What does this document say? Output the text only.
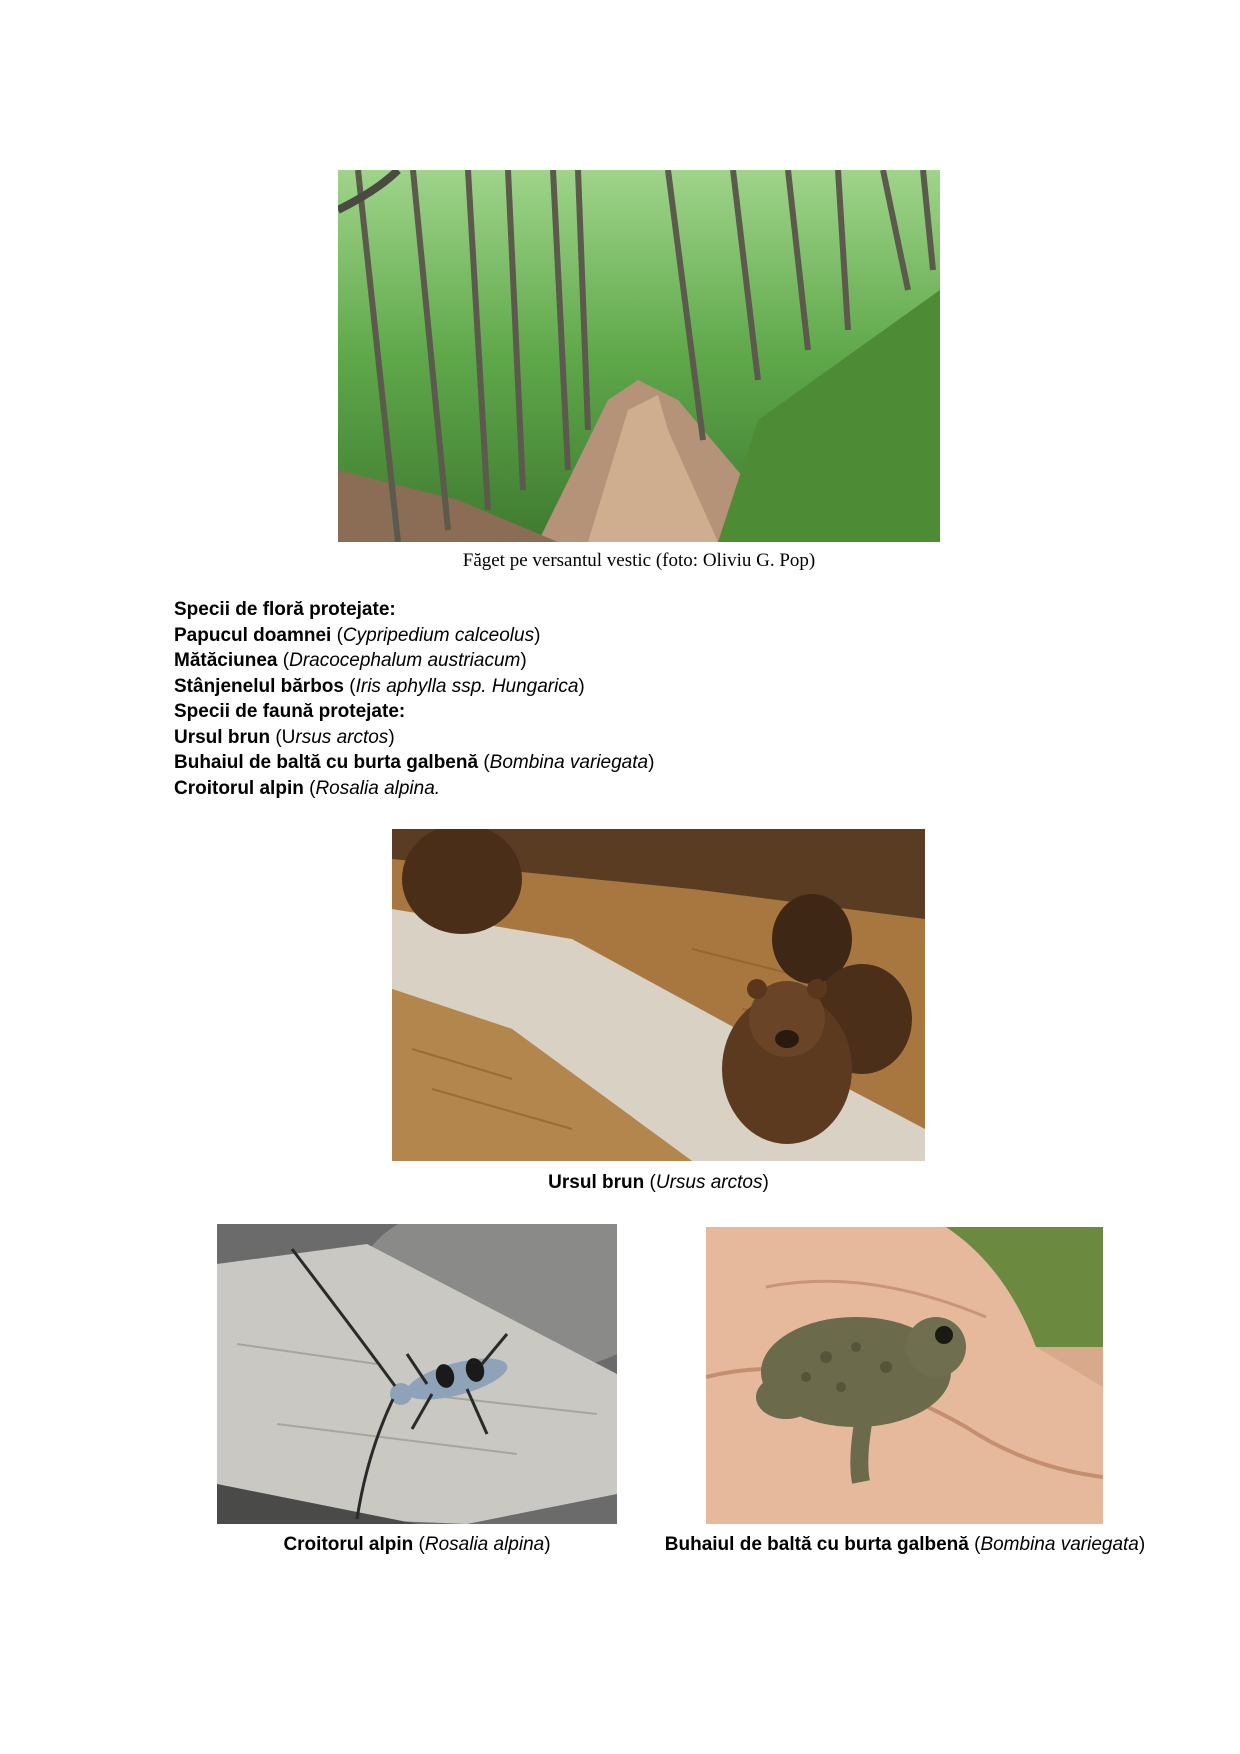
Făget pe versantul vestic (foto: Oliviu G. Pop)
Specii de floră protejate:
Papucul doamnei (Cypripedium calceolus)
Mătăciunea (Dracocephalum austriacum)
Stânjenelul bărbos (Iris aphylla ssp. Hungarica)
Specii de faună protejate:
Ursul brun (Ursus arctos)
Buhaiul de baltă cu burta galbenă (Bombina variegata)
Croitorul alpin (Rosalia alpina.
Ursul brun (Ursus arctos)
Croitorul alpin (Rosalia alpina)	Buhaiul de baltă cu burta galbenă (Bombina variegata)
